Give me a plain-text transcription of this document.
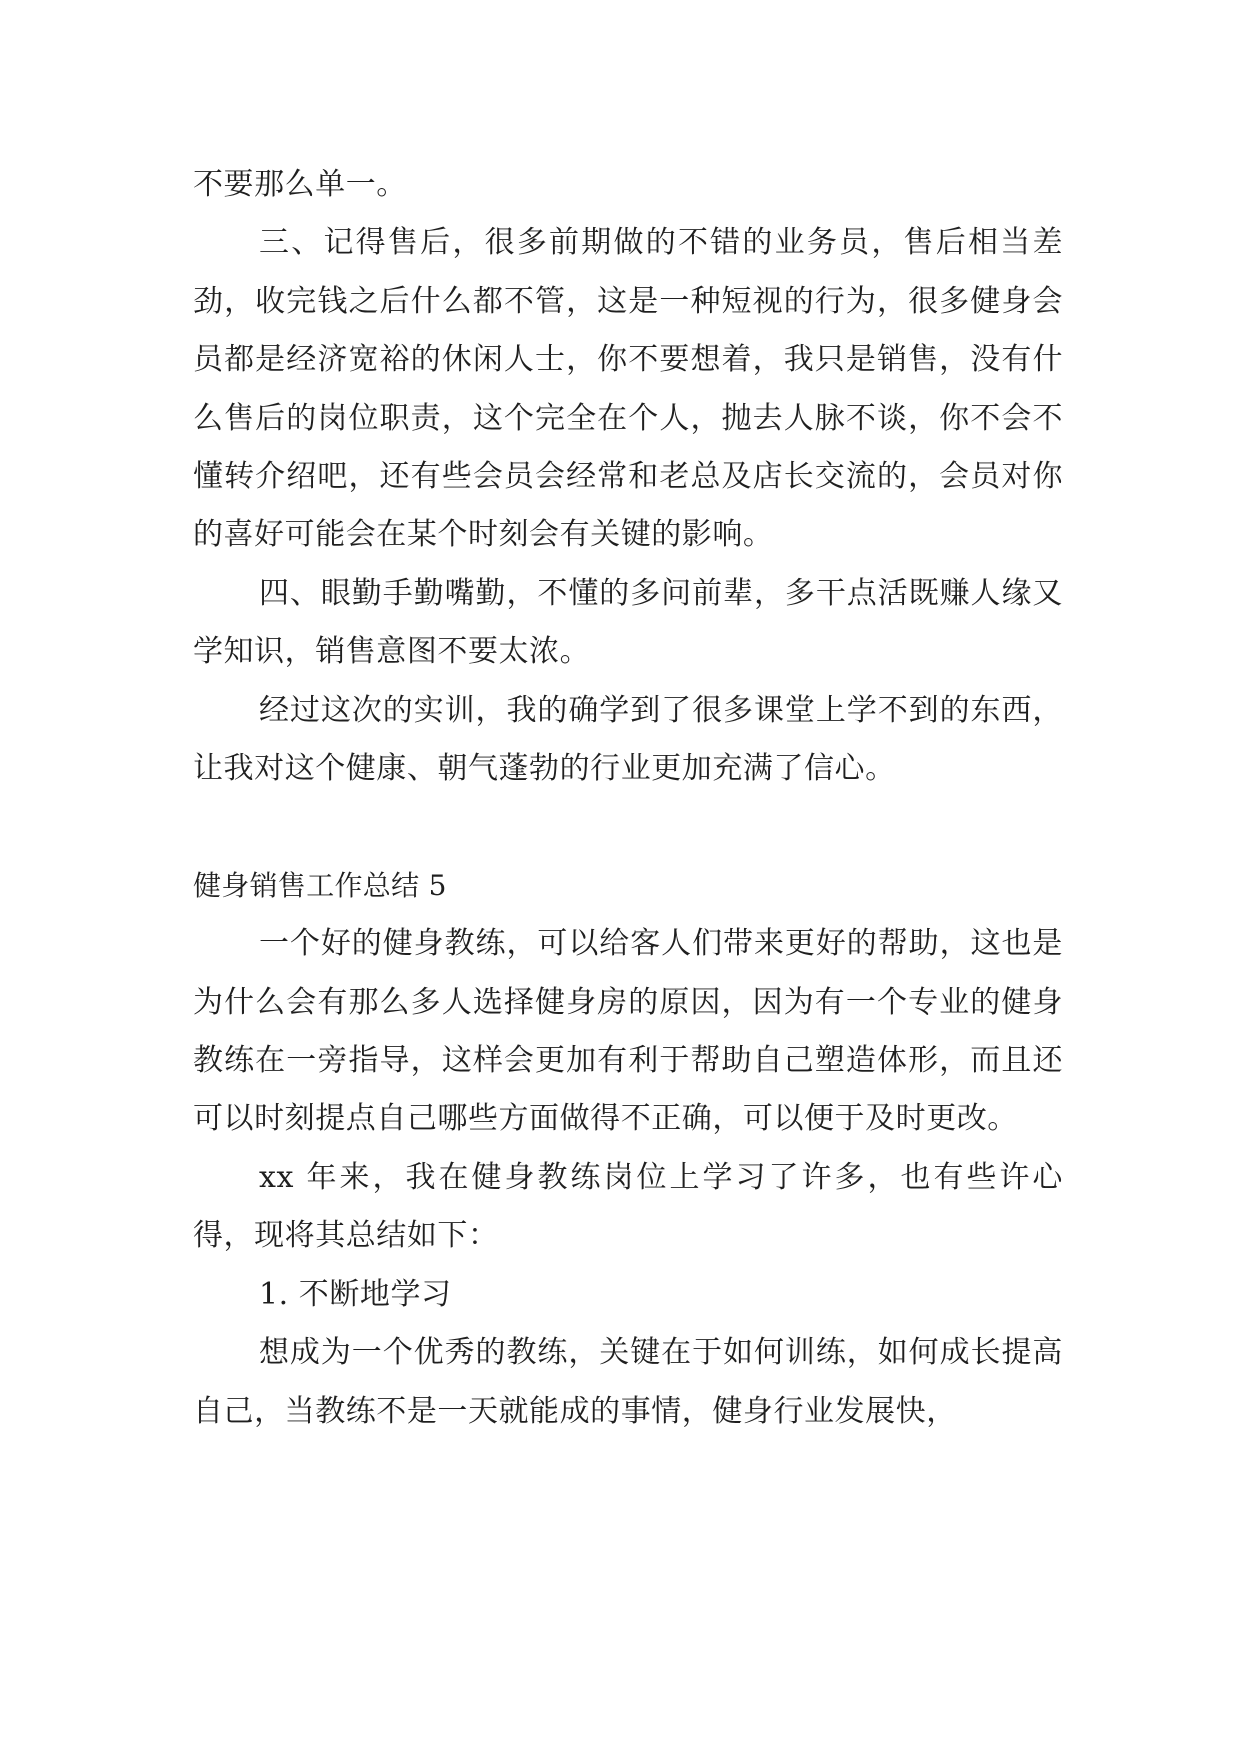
不要那么单一。

三、记得售后，很多前期做的不错的业务员，售后相当差劲，收完钱之后什么都不管，这是一种短视的行为，很多健身会员都是经济宽裕的休闲人士，你不要想着，我只是销售，没有什么售后的岗位职责，这个完全在个人，抛去人脉不谈，你不会不懂转介绍吧，还有些会员会经常和老总及店长交流的，会员对你的喜好可能会在某个时刻会有关键的影响。

四、眼勤手勤嘴勤，不懂的多问前辈，多干点活既赚人缘又学知识，销售意图不要太浓。

经过这次的实训，我的确学到了很多课堂上学不到的东西，让我对这个健康、朝气蓬勃的行业更加充满了信心。

健身销售工作总结 5

一个好的健身教练，可以给客人们带来更好的帮助，这也是为什么会有那么多人选择健身房的原因，因为有一个专业的健身教练在一旁指导，这样会更加有利于帮助自己塑造体形，而且还可以时刻提点自己哪些方面做得不正确，可以便于及时更改。

xx 年来，我在健身教练岗位上学习了许多，也有些许心得，现将其总结如下：

1. 不断地学习

想成为一个优秀的教练，关键在于如何训练，如何成长提高自己，当教练不是一天就能成的事情，健身行业发展快，
